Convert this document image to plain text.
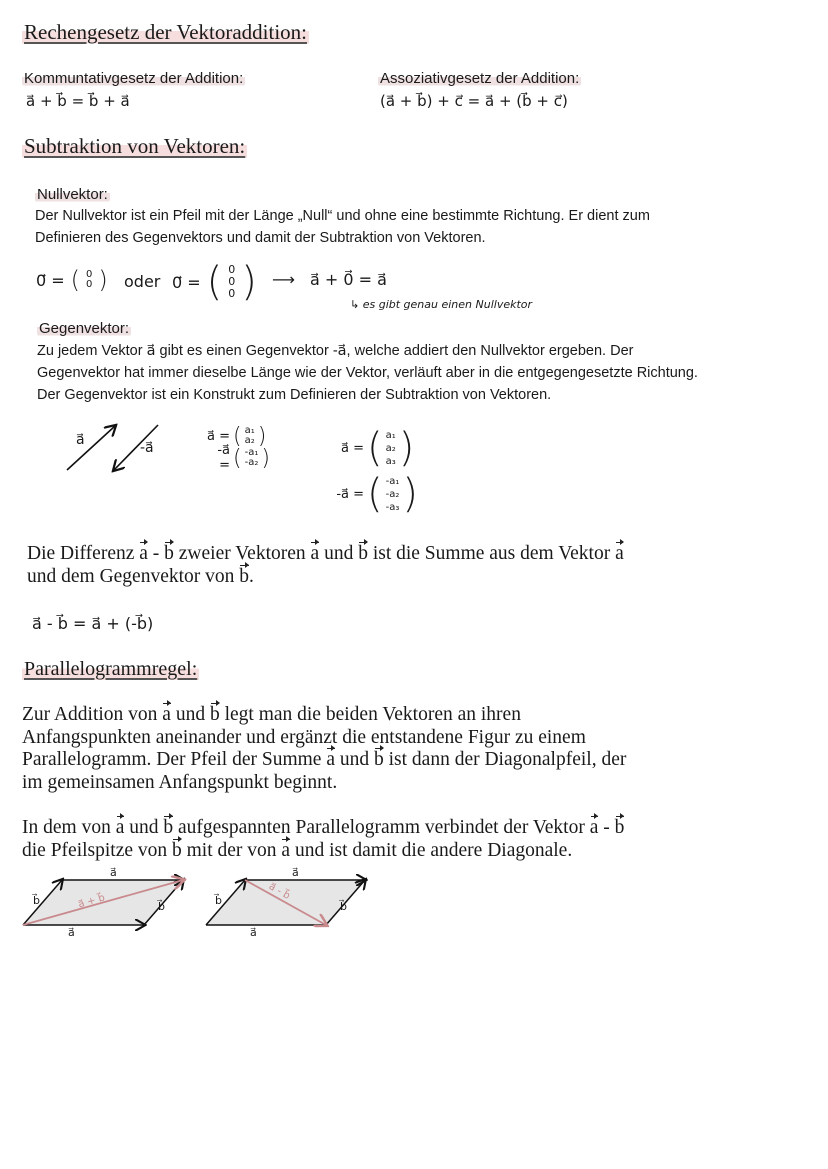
Rechengesetz der Vektoraddition:
Kommuntativgesetz der Addition:
a⃗ + b⃗ = b⃗ + a⃗
Assoziativgesetz der Addition:
(a⃗ + b⃗) + c⃗ = a⃗ + (b⃗ + c⃗)
Subtraktion von Vektoren:
Nullvektor:
Der Nullvektor ist ein Pfeil mit der Länge „Null“ und ohne eine bestimmte Richtung. Er dient zum
Definieren des Gegenvektors und damit der Subtraktion von Vektoren.
0⃗ = ( 0
0 ) oder 0⃗ = ( 0
0
0 ) ⟶ a⃗ + 0⃗ = a⃗
↳ es gibt genau einen Nullvektor
Gegenvektor:
Zu jedem Vektor a⃗ gibt es einen Gegenvektor -a⃗, welche addiert den Nullvektor ergeben. Der
Gegenvektor hat immer dieselbe Länge wie der Vektor, verläuft aber in die entgegengesetzte Richtung.
Der Gegenvektor ist ein Konstrukt zum Definieren der Subtraktion von Vektoren.
a⃗	-a⃗
a⃗ = ( a₁
a₂ )
-a⃗ = ( -a₁
-a₂ )	a⃗ = ( a₁
a₂
a₃ )
-a⃗ = ( -a₁
-a₂
-a₃ )
Die Differenz a - b zweier Vektoren a und b ist die Summe aus dem Vektor a
und dem Gegenvektor von b.
a⃗ - b⃗ = a⃗ + (-b⃗)
Parallelogrammregel:
Zur Addition von a und b legt man die beiden Vektoren an ihren
Anfangspunkten aneinander und ergänzt die entstandene Figur zu einem
Parallelogramm. Der Pfeil der Summe a und b ist dann der Diagonalpfeil, der
im gemeinsamen Anfangspunkt beginnt.
In dem von a und b aufgespannten Parallelogramm verbindet der Vektor a - b
die Pfeilspitze von b mit der von a und ist damit die andere Diagonale.
a⃗
a⃗
b⃗	b⃗
a⃗ + b⃗
a⃗
a⃗
b⃗	b⃗
a⃗ - b⃗
